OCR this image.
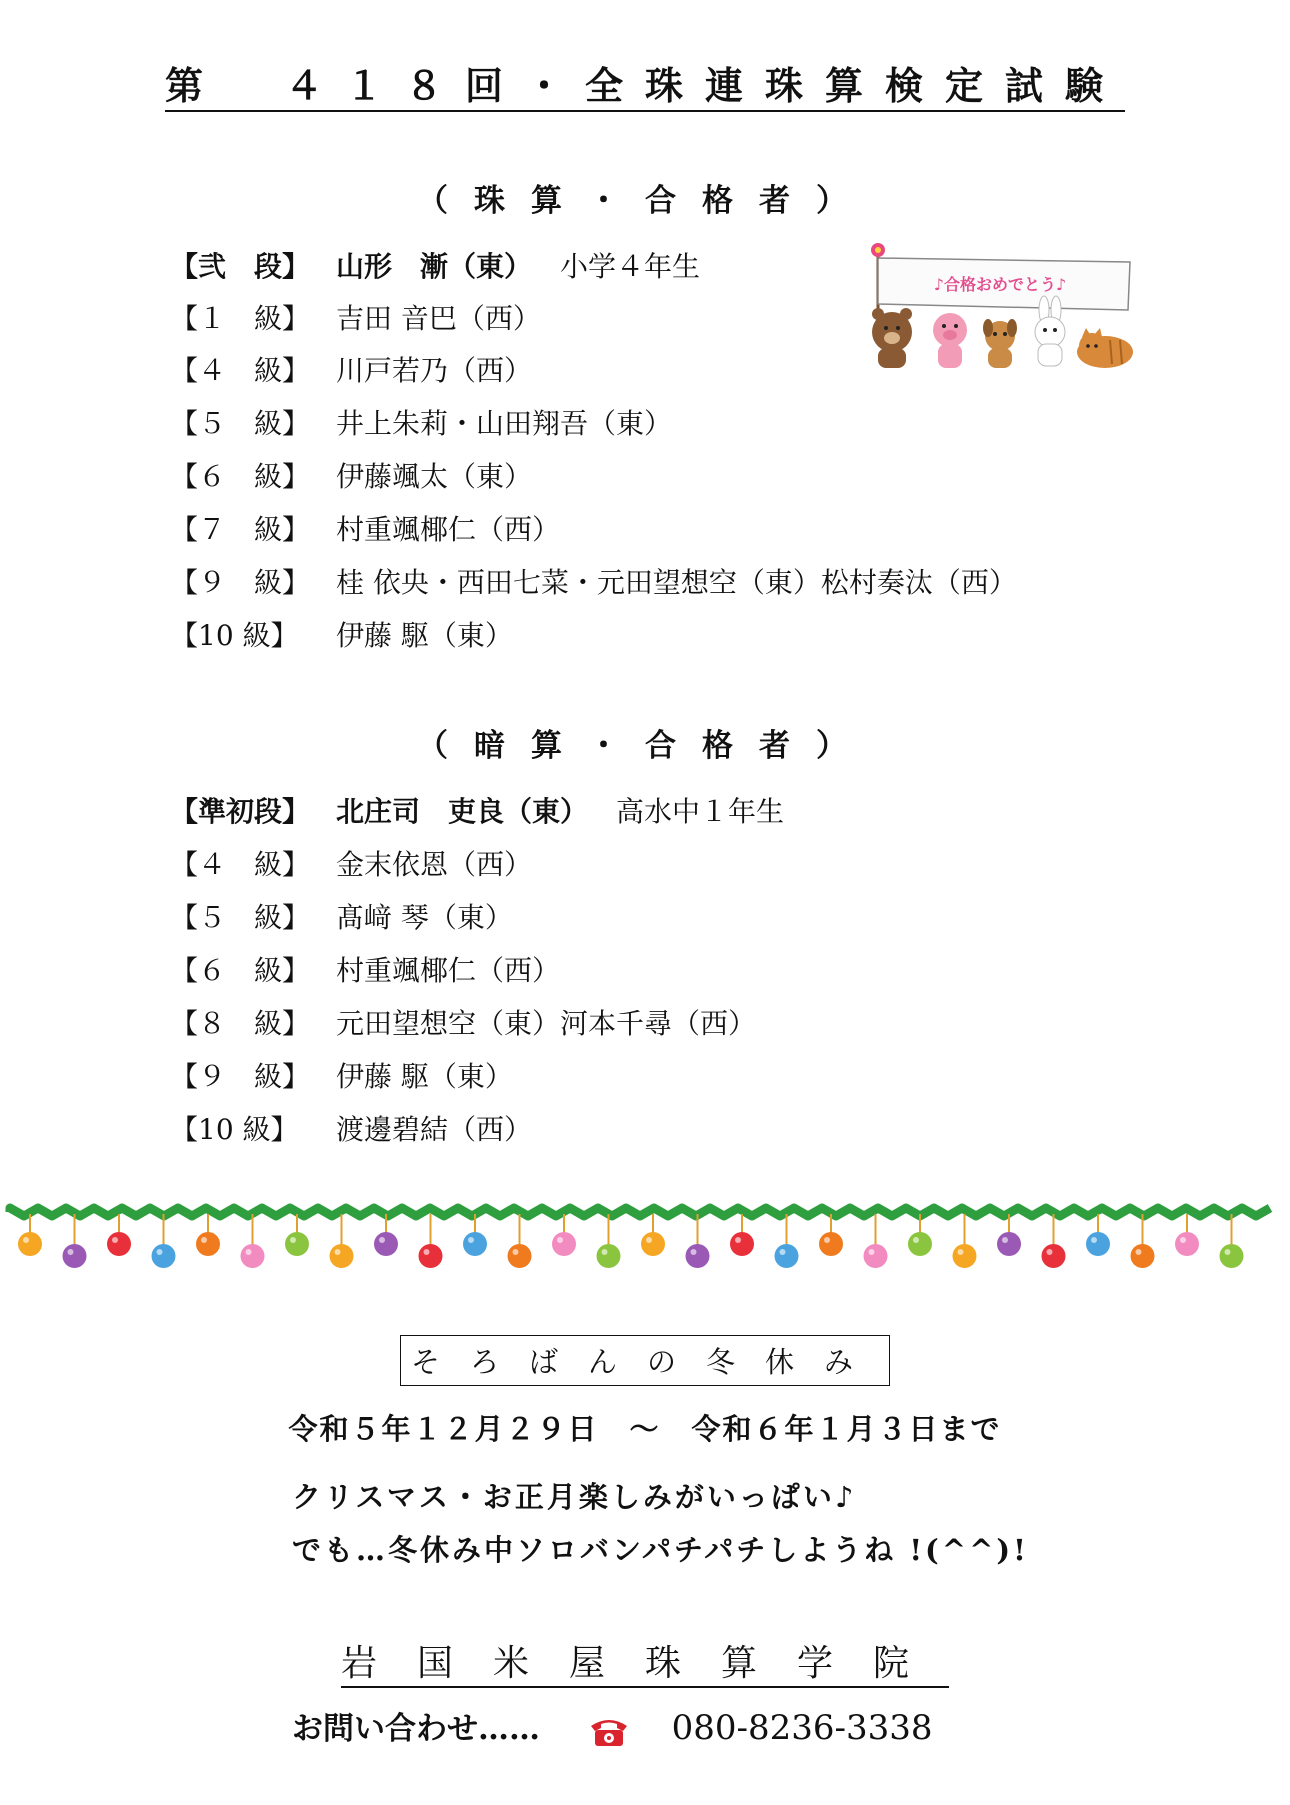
第　４１８回・全珠連珠算検定試験
（珠算・合格者）
【弐　段】 山形　漸（東） 小学４年生
【１　級】 吉田 音巴（西）
【４　級】 川戸若乃（西）
【５　級】 井上朱莉・山田翔吾（東）
【６　級】 伊藤颯太（東）
【７　級】 村重颯椰仁（西）
【９　級】 桂 依央・西田七菜・元田望想空（東）松村奏汰（西）
【10 級】 伊藤 駆（東）
♪合格おめでとう♪
（暗算・合格者）
【準初段】 北庄司　吏良（東） 高水中１年生
【４　級】 金末依恩（西）
【５　級】 髙﨑 琴（東）
【６　級】 村重颯椰仁（西）
【８　級】 元田望想空（東）河本千尋（西）
【９　級】 伊藤 駆（東）
【10 級】 渡邊碧結（西）
そろばんの冬休み
令和５年１２月２９日　～　令和６年１月３日まで
クリスマス・お正月楽しみがいっぱい♪
でも…冬休み中ソロバンパチパチしようね !(^^)!
岩国米屋珠算学院
お問い合わせ……	080-8236-3338
